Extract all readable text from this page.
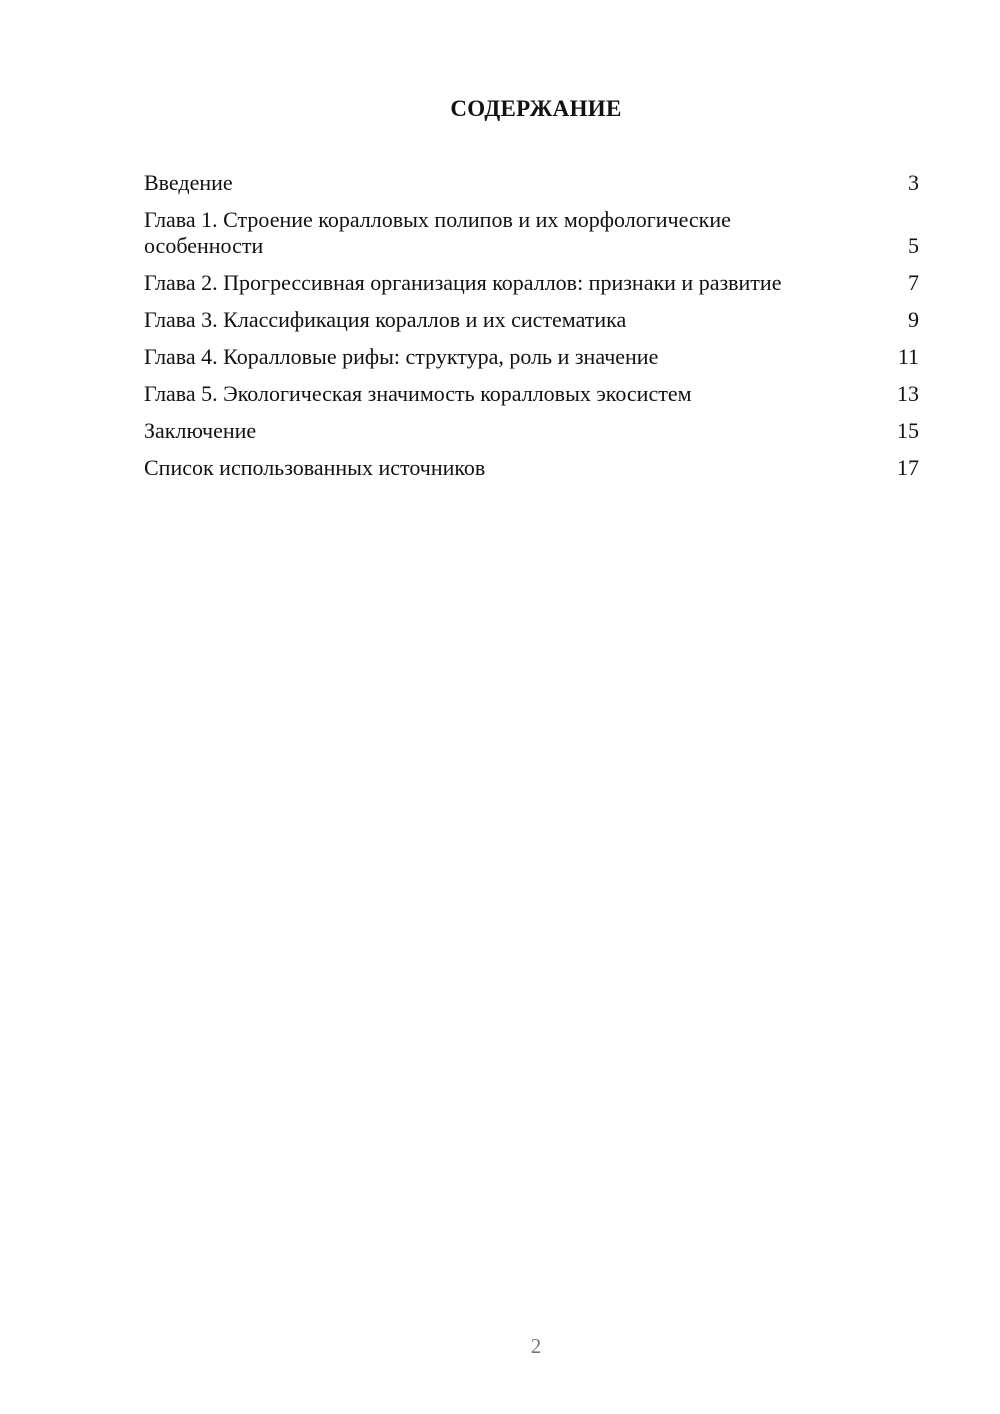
СОДЕРЖАНИЕ
Введение	3
Глава 1. Строение коралловых полипов и их морфологические особенности	5
Глава 2. Прогрессивная организация кораллов: признаки и развитие	7
Глава 3. Классификация кораллов и их систематика	9
Глава 4. Коралловые рифы: структура, роль и значение	11
Глава 5. Экологическая значимость коралловых экосистем	13
Заключение	15
Список использованных источников	17
2
